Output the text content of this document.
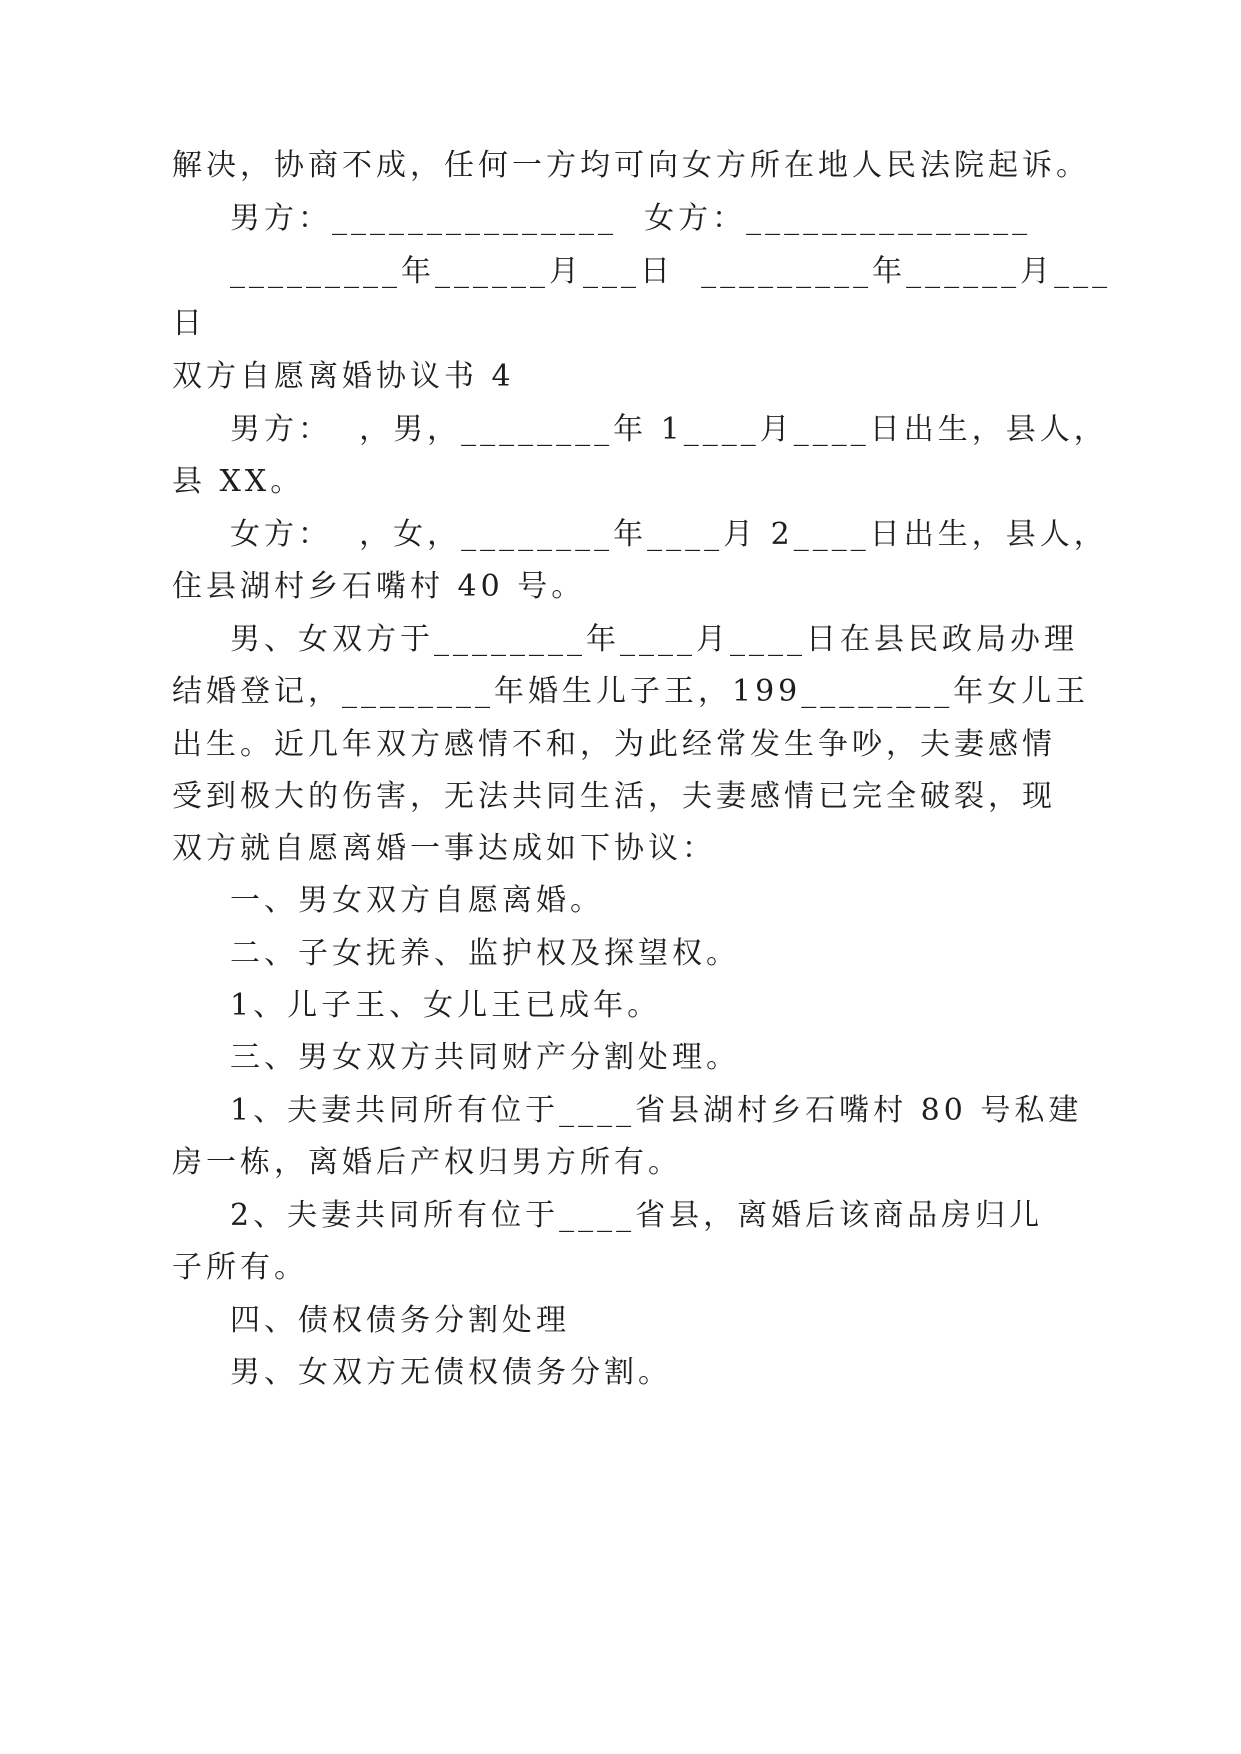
解决，协商不成，任何一方均可向女方所在地人民法院起诉。

男方：_______________  女方：_______________

_________年______月___日  _________年______月___

日

双方自愿离婚协议书 4

男方：  ，男，________年 1____月____日出生，县人，

县 XX。

女方：  ，女，________年____月 2____日出生，县人，

住县湖村乡石嘴村 40 号。

男、女双方于________年____月____日在县民政局办理

结婚登记，________年婚生儿子王，199________年女儿王

出生。近几年双方感情不和，为此经常发生争吵，夫妻感情

受到极大的伤害，无法共同生活，夫妻感情已完全破裂，现

双方就自愿离婚一事达成如下协议：

一、男女双方自愿离婚。

二、子女抚养、监护权及探望权。

1、儿子王、女儿王已成年。

三、男女双方共同财产分割处理。

1、夫妻共同所有位于____省县湖村乡石嘴村 80 号私建

房一栋，离婚后产权归男方所有。

2、夫妻共同所有位于____省县，离婚后该商品房归儿

子所有。

四、债权债务分割处理

男、女双方无债权债务分割。
